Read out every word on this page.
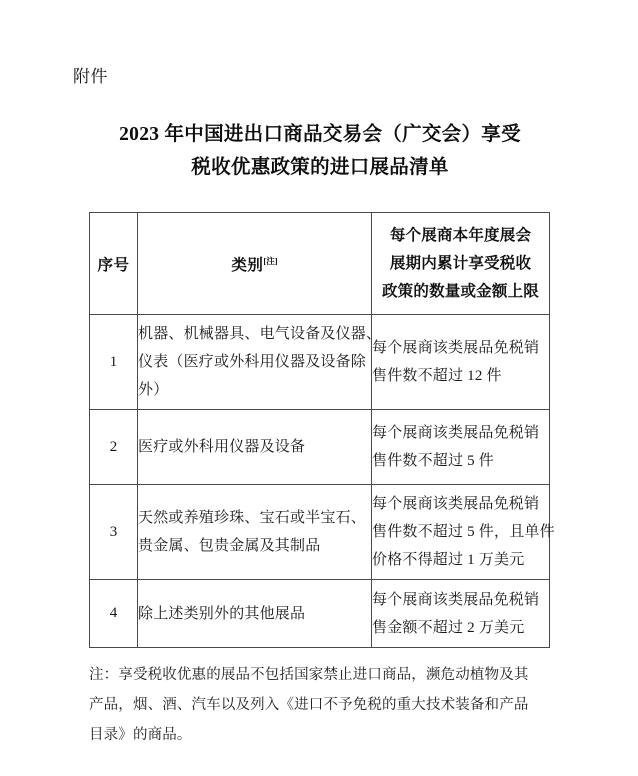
附件
2023 年中国进出口商品交易会（广交会）享受
税收优惠政策的进口展品清单
序号	类别[注]	每个展商本年度展会
展期内累计享受税收
政策的数量或金额上限

1	机器、机械器具、电气设备及仪器、
仪表（医疗或外科用仪器及设备除
外）	每个展商该类展品免税销
售件数不超过 12 件

2	医疗或外科用仪器及设备	每个展商该类展品免税销
售件数不超过 5 件

3	天然或养殖珍珠、宝石或半宝石、
贵金属、包贵金属及其制品	每个展商该类展品免税销
售件数不超过 5 件，且单件
价格不得超过 1 万美元

4	除上述类别外的其他展品	每个展商该类展品免税销
售金额不超过 2 万美元
注：享受税收优惠的展品不包括国家禁止进口商品，濒危动植物及其
产品，烟、酒、汽车以及列入《进口不予免税的重大技术装备和产品
目录》的商品。
